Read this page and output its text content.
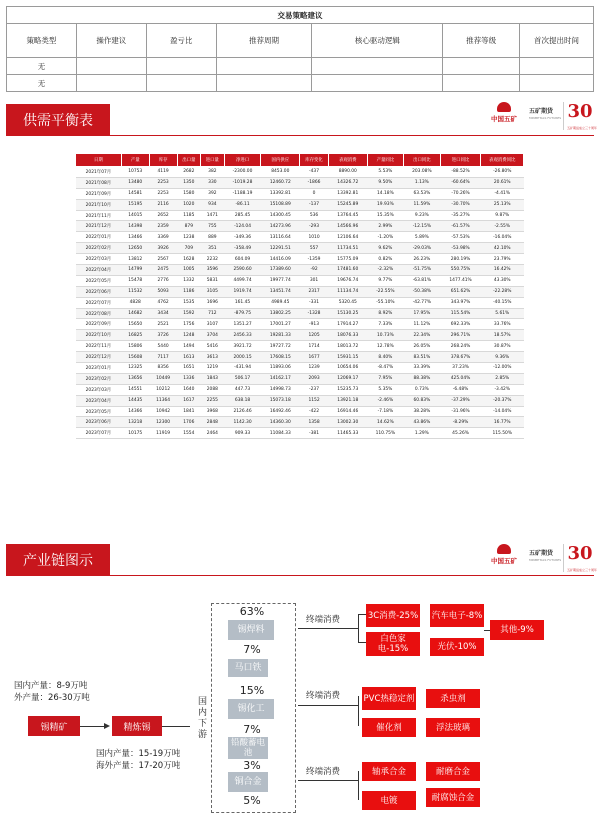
交易策略建议						
策略类型	操作建议	盈亏比	推荐周期	核心驱动逻辑	推荐等级	首次提出时间
无						
无						
供需平衡表	中国五矿
五矿期货
MINMETALS FUTURES 30
五矿期货成立三十周年
日期	产量	库存	出口量	进口量	净进口	国内供应	库存变化	表观消费	产量同比	出口同比	进口同比	表观消费同比
2021年07月	10753	4119	2682	382	-2300.00	8453.00	-437	8890.00	5.53%	203.08%	-88.52%	-26.80%
2021年08月	13480	2253	1350	330	-1019.28	12460.72	-1866	14326.72	9.50%	1.13%	-60.64%	20.61%
2021年09月	14581	2253	1580	392	-1188.19	13392.81	0	13392.81	14.18%	63.53%	-70.26%	-4.41%
2021年10月	15195	2116	1020	934	-86.11	15108.89	-137	15245.89	19.93%	11.59%	-30.70%	25.13%
2021年11月	14015	2652	1185	1471	285.45	14300.45	536	13764.45	15.35%	9.23%	-35.27%	9.87%
2021年12月	14398	2359	879	755	-124.04	14273.96	-293	14566.96	2.99%	-12.15%	-61.57%	-2.55%
2022年01月	13466	3369	1238	889	-349.36	13116.64	1010	12106.64	-1.20%	5.89%	-57.53%	-16.04%
2022年02月	12650	3926	709	351	-358.49	12291.51	557	11734.51	9.62%	-29.03%	-53.98%	42.10%
2022年03月	13812	2567	1628	2232	604.09	14416.09	-1359	15775.09	0.82%	26.23%	280.19%	23.79%
2022年04月	14799	2475	1005	3596	2590.60	17389.60	-92	17481.60	-2.32%	-51.75%	550.75%	16.42%
2022年05月	15478	2776	1332	5831	4499.74	19977.74	301	19676.74	9.77%	-63.81%	1477.41%	43.30%
2022年06月	11532	5093	1186	3105	1919.74	13451.74	2317	11134.74	-22.55%	-50.38%	651.62%	-22.28%
2022年07月	4828	4762	1535	1696	161.45	4989.45	-331	5320.45	-55.10%	-42.77%	343.97%	-40.15%
2022年08月	14682	3434	1592	712	-879.75	13802.25	-1328	15130.25	8.92%	17.95%	115.54%	5.61%
2022年09月	15650	2521	1756	3107	1351.27	17001.27	-913	17914.27	7.33%	11.12%	692.33%	33.76%
2022年10月	16825	3726	1248	3704	2456.33	19281.33	1205	18076.33	10.73%	22.34%	296.71%	18.57%
2022年11月	15806	5440	1494	5416	3921.72	19727.72	1714	18013.72	12.78%	26.05%	268.24%	30.87%
2022年12月	15608	7117	1613	3613	2000.15	17608.15	1677	15931.15	8.40%	83.51%	378.67%	9.36%
2023年01月	12325	8356	1651	1219	-431.94	11893.06	1239	10654.06	-8.47%	33.39%	37.23%	-12.00%
2023年02月	13656	10449	1336	1843	506.17	14162.17	2093	12069.17	7.95%	88.38%	425.04%	2.85%
2023年03月	14551	10212	1640	2088	447.73	14998.73	-237	15235.73	5.35%	0.73%	-6.48%	-3.42%
2023年04月	14435	11364	1617	2255	638.18	15073.18	1152	13921.18	-2.46%	60.83%	-37.29%	-20.37%
2023年05月	14366	10942	1841	3968	2126.46	16492.46	-422	16914.46	-7.18%	38.28%	-31.96%	-14.04%
2023年06月	13218	12300	1706	2848	1142.30	14360.30	1358	13002.30	14.62%	43.86%	-8.29%	16.77%
2023年07月	10175	11919	1554	2464	909.33	11084.33	-381	11465.33	110.75%	1.29%	45.26%	115.50%
产业链图示	中国五矿
五矿期货
MINMETALS FUTURES 30
五矿期货成立三十周年
国内产量：8-9万吨
外产量：26-30万吨
锡精矿	精炼锡
国内产量：15-19万吨
海外产量：17-20万吨
国内下游
63%
锡焊料
7%
马口铁
15%
锡化工
7%
铅酸蓄电池
3%
铜合金
5%
终端消费	3C消费-25% 汽车电子-8%
白色家电-15%	光伏-10%
其他-9%
终端消费	PVC热稳定剂	杀虫剂
催化剂	浮法玻璃
终端消费	轴承合金	耐磨合金
电镀	耐腐蚀合金
